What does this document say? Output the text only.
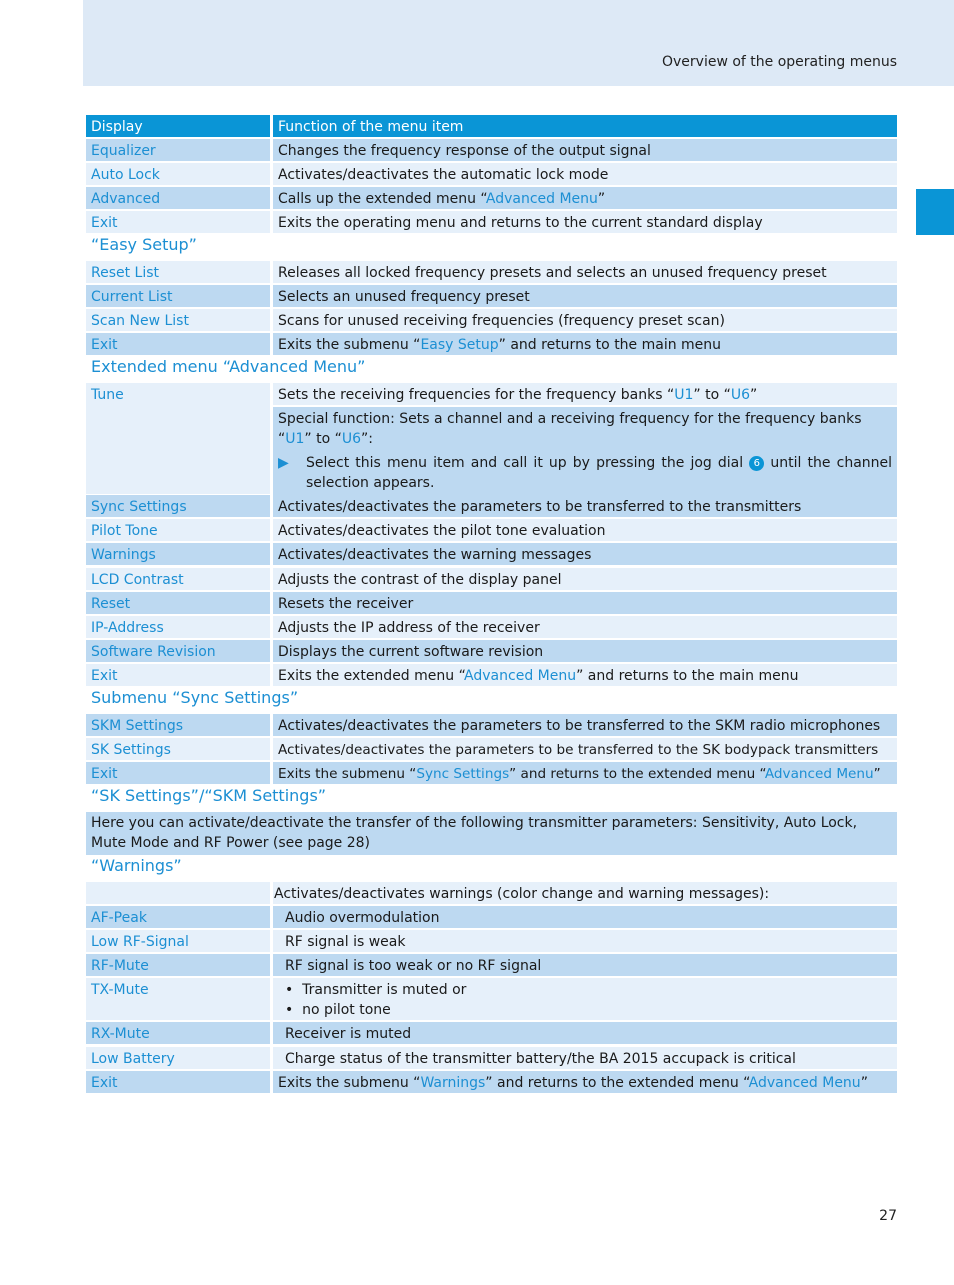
Overview of the operating menus
Display	Function of the menu item
Equalizer	Changes the frequency response of the output signal
Auto Lock	Activates/deactivates the automatic lock mode
Advanced	Calls up the extended menu “Advanced Menu”
Exit	Exits the operating menu and returns to the current standard display
“Easy Setup”
Reset List	Releases all locked frequency presets and selects an unused frequency preset
Current List	Selects an unused frequency preset
Scan New List	Scans for unused receiving frequencies (frequency preset scan)
Exit	Exits the submenu “Easy Setup” and returns to the main menu
Extended menu “Advanced Menu”
Tune	Sets the receiving frequencies for the frequency banks “U1” to “U6”
Special function: Sets a channel and a receiving frequency for the frequency banks “U1” to “U6”:
▶	Select this menu item and call it up by pressing the jog dial 6 until the channel selection appears.
Sync Settings	Activates/deactivates the parameters to be transferred to the transmitters
Pilot Tone	Activates/deactivates the pilot tone evaluation
Warnings	Activates/deactivates the warning messages
LCD Contrast	Adjusts the contrast of the display panel
Reset	Resets the receiver
IP-Address	Adjusts the IP address of the receiver
Software Revision	Displays the current software revision
Exit	Exits the extended menu “Advanced Menu” and returns to the main menu
Submenu “Sync Settings”
SKM Settings	Activates/deactivates the parameters to be transferred to the SKM radio microphones
SK Settings	Activates/deactivates the parameters to be transferred to the SK bodypack transmitters
Exit	Exits the submenu “Sync Settings” and returns to the extended menu “Advanced Menu”
“SK Settings”/“SKM Settings”
Here you can activate/deactivate the transfer of the following transmitter parameters: Sensitivity, Auto Lock, Mute Mode and RF Power (see page 28)
“Warnings”
Activates/deactivates warnings (color change and warning messages):
AF-Peak	Audio overmodulation
Low RF-Signal	RF signal is weak
RF-Mute	RF signal is too weak or no RF signal
TX-Mute	•  Transmitter is muted or
•  no pilot tone
RX-Mute	Receiver is muted
Low Battery	Charge status of the transmitter battery/the BA 2015 accupack is critical
Exit	Exits the submenu “Warnings” and returns to the extended menu “Advanced Menu”
27
